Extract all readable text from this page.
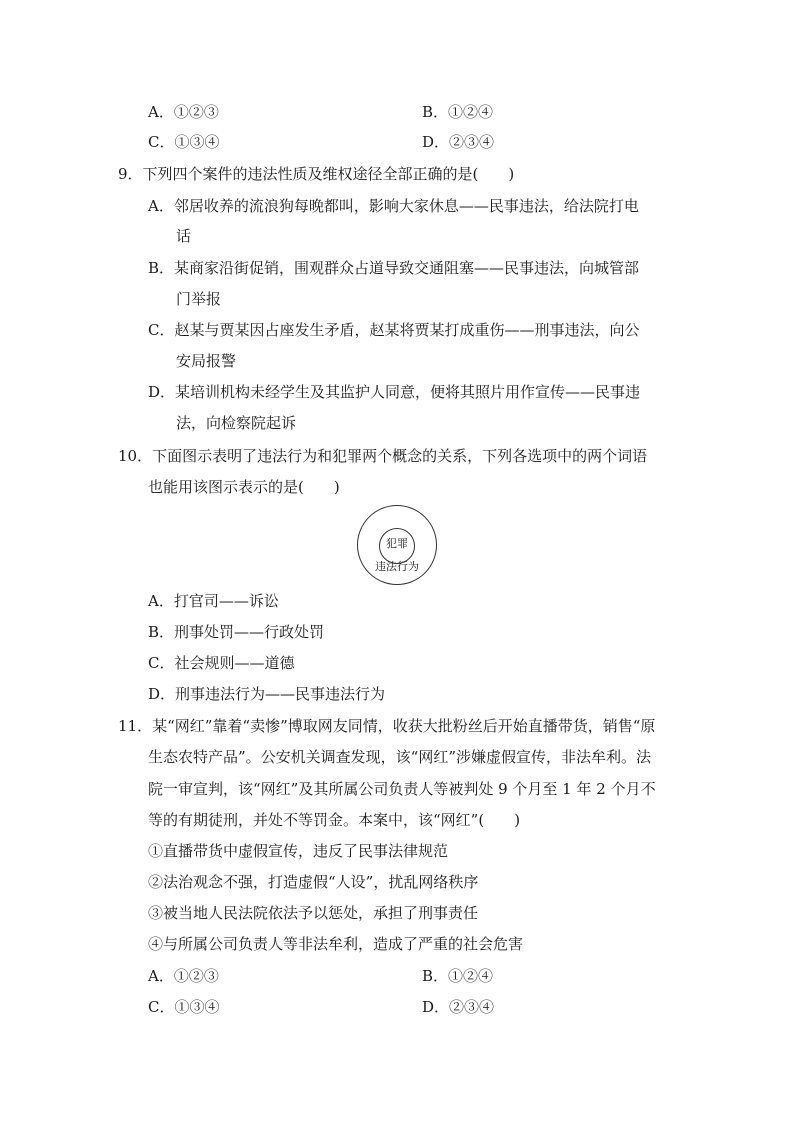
A．①②③	B．①②④
C．①③④	D．②③④
9．下列四个案件的违法性质及维权途径全部正确的是(　　)
A．邻居收养的流浪狗每晚都叫，影响大家休息——民事违法，给法院打电
话
B．某商家沿街促销，围观群众占道导致交通阻塞——民事违法，向城管部
门举报
C．赵某与贾某因占座发生矛盾，赵某将贾某打成重伤——刑事违法，向公
安局报警
D．某培训机构未经学生及其监护人同意，便将其照片用作宣传——民事违
法，向检察院起诉
10．下面图示表明了违法行为和犯罪两个概念的关系，下列各选项中的两个词语
也能用该图示表示的是(　　)
犯罪
违法行为
A．打官司——诉讼
B．刑事处罚——行政处罚
C．社会规则——道德
D．刑事违法行为——民事违法行为
11．某“网红”靠着“卖惨”博取网友同情，收获大批粉丝后开始直播带货，销售“原
生态农特产品”。公安机关调查发现，该“网红”涉嫌虚假宣传，非法牟利。法
院一审宣判，该“网红”及其所属公司负责人等被判处 9 个月至 1 年 2 个月不
等的有期徒刑，并处不等罚金。本案中，该“网红”(　　)
①直播带货中虚假宣传，违反了民事法律规范
②法治观念不强，打造虚假“人设”，扰乱网络秩序
③被当地人民法院依法予以惩处，承担了刑事责任
④与所属公司负责人等非法牟利，造成了严重的社会危害
A．①②③	B．①②④
C．①③④	D．②③④
